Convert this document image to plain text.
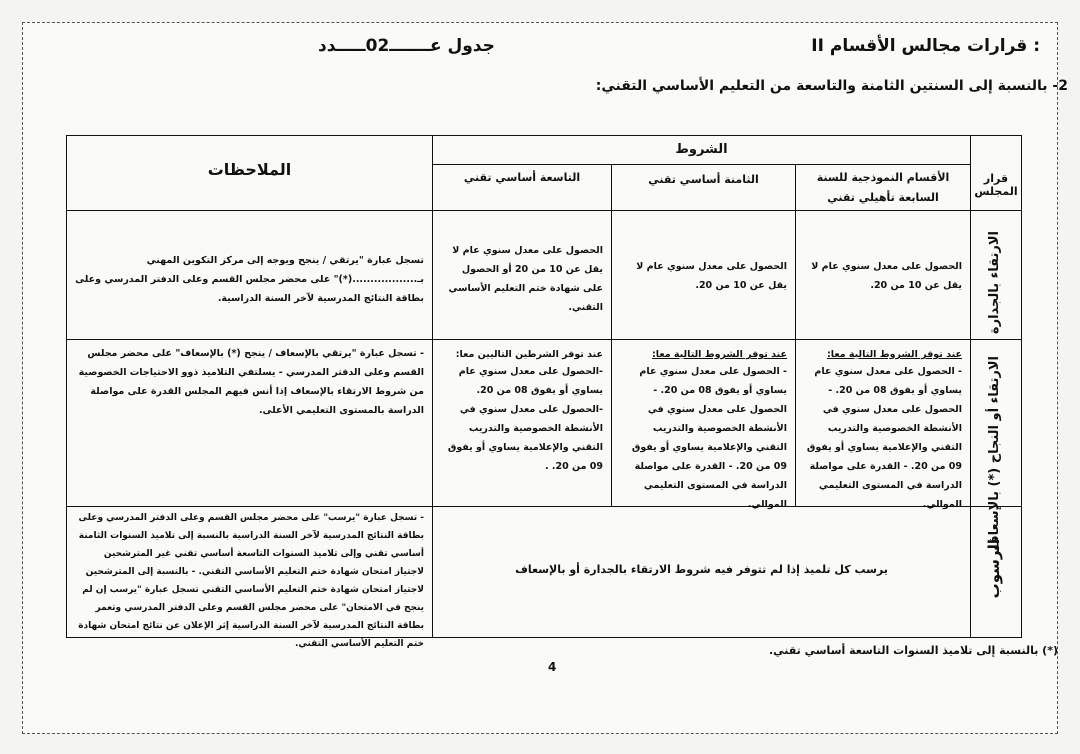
II قرارات مجالس الأقسام :
جدول عـــــــ02ـــــدد
2- بالنسبة إلى السنتين الثامنة والتاسعة من التعليم الأساسي التقني:
قرار المجلس
الشروط
الأقسام النموذجية للسنة السابعة تأهيلي تقني
الثامنة أساسي تقني
التاسعة أساسي تقني
الملاحظات
الارتقاء بالجدارة
الحصول على معدل سنوي عام لا يقل عن 10 من 20.
الحصول على معدل سنوي عام لا يقل عن 10 من 20.
الحصول على معدل سنوي عام لا يقل عن 10 من 20 أو الحصول على شهادة ختم التعليم الأساسي التقني.
تسجل عبارة "يرتقي / ينجح ويوجه إلى مركز التكوين المهني بـ..................(*)" على محضر مجلس القسم وعلى الدفتر المدرسي وعلى بطاقة النتائج المدرسية لآخر السنة الدراسية.
الارتقاء أو النجاح (*) بالإسعاف
عند توفر الشروط التالية معا:
- الحصول على معدل سنوي عام يساوي أو يفوق 08 من 20. - الحصول على معدل سنوي في الأنشطة الخصوصية والتدريب التقني والإعلامية يساوي أو يفوق 09 من 20. - القدرة على مواصلة الدراسة في المستوى التعليمي الموالي.
عند توفر الشروط التالية معا:
- الحصول على معدل سنوي عام يساوي أو يفوق 08 من 20. - الحصول على معدل سنوي في الأنشطة الخصوصية والتدريب التقني والإعلامية يساوي أو يفوق 09 من 20. - القدرة على مواصلة الدراسة في المستوى التعليمي الموالي.
عند توفر الشرطين التاليين معا:
-الحصول على معدل سنوي عام يساوي أو يفوق 08 من 20. -الحصول على معدل سنوي في الأنشطة الخصوصية والتدريب التقني والإعلامية يساوي أو يفوق 09 من 20. .
- تسجل عبارة "يرتقي بالإسعاف / ينجح (*) بالإسعاف" على محضر مجلس القسم وعلى الدفتر المدرسي - يسلتفي التلاميذ ذوو الاحتياجات الخصوصية من شروط الارتقاء بالإسعاف إذا أنس فيهم المجلس القدرة على مواصلة الدراسة بالمستوى التعليمي الأعلى.
الرسوب
يرسب كل تلميذ إذا لم تتوفر فيه شروط الارتقاء بالجدارة أو بالإسعاف
- تسجل عبارة "يرسب" على محضر مجلس القسم وعلى الدفتر المدرسي وعلى بطاقة النتائج المدرسية لآخر السنة الدراسية بالنسبة إلى تلاميذ السنوات الثامنة أساسي تقني وإلى تلاميذ السنوات التاسعة أساسي تقني غير المترشحين لاجتياز امتحان شهادة ختم التعليم الأساسي التقني. - بالنسبة إلى المترشحين لاجتياز امتحان شهادة ختم التعليم الأساسي التقني تسجل عبارة "يرسب إن لم ينجح في الامتحان" على محضر مجلس القسم وعلى الدفتر المدرسي وتعمر بطاقة النتائج المدرسية لآخر السنة الدراسية إثر الإعلان عن نتائج امتحان شهادة ختم التعليم الأساسي التقني.	(*) بالنسبة إلى تلاميذ السنوات التاسعة أساسي تقني.
4
